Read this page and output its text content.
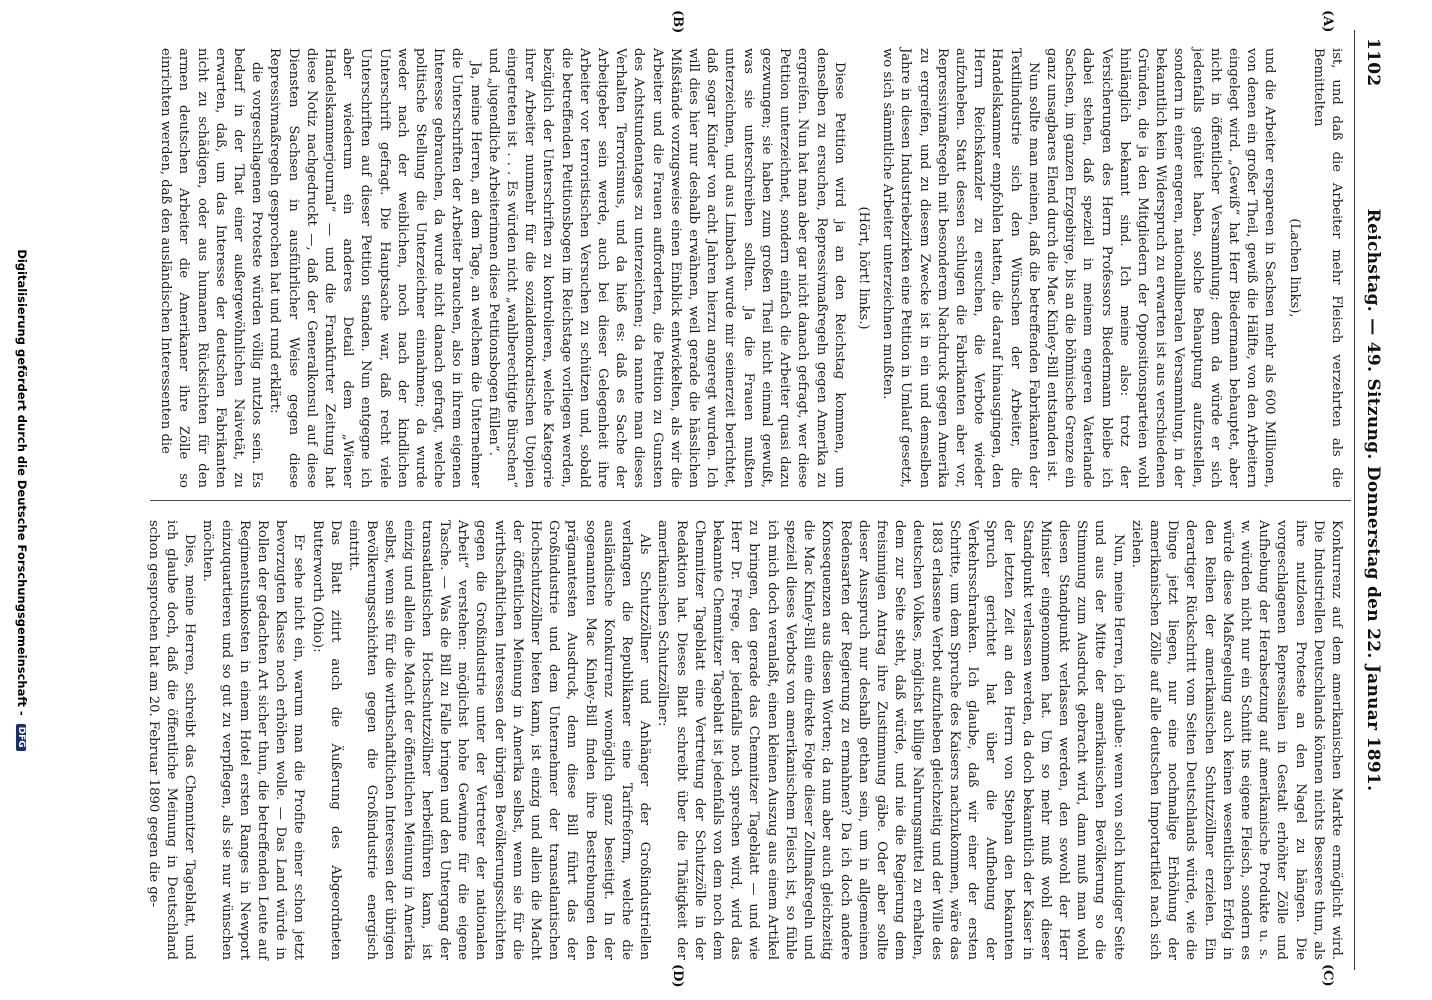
1102
Reichstag. — 49. Sitzung. Donnerstag den 22. Januar 1891.
(A)
(B)
(C)
(D)

ist, und daß die Arbeiter mehr Fleisch verzehrten als die Bemittelten

(Lachen links),

und die Arbeiter erspareen in Sachsen mehr als 600 Millionen, von denen ein großer Theil, gewiß die Hälfte, von den Arbeitern eingelegt wird. „Gewiß“ hat Herr Biedermann behauptet, aber nicht in öffentlicher Versammlung; denn da würde er sich jedenfalls gehütet haben, solche Behauptung aufzustellen, sondern in einer engeren, nationalliberalen Versammlung, in der bekanntlich kein Widerspruch zu erwarten ist aus verschiedenen Gründen, die ja den Mitgliedern der Oppositionsparteien wohl hinlänglich bekannt sind. Ich meine also: trotz der Versicherungen des Herrn Professors Biedermann bleibe ich dabei stehen, daß speziell in meinem engeren Vaterlande Sachsen, im ganzen Erzgebirge, bis an die böhmische Grenze ein ganz unsagbares Elend durch die Mac Kinley-Bill entstanden ist.

Nun sollte man meinen, daß die betreffenden Fabrikanten der Textilindustrie sich den Wünschen der Arbeiter, die Handelskammer empfohlen hatten, die darauf hinausgingen, den Herrn Reichskanzler zu ersuchen, die Verbote wieder aufzuheben. Statt dessen schlugen die Fabrikanten aber vor, Repressivmaßregeln mit besonderem Nachdruck gegen Amerika zu ergreifen, und zu diesem Zwecke ist in ein und demselben Jahre in diesen Industriebezirken eine Petition in Umlauf gesetzt, wo sich sämmtliche Arbeiter unterzeichnen mußten.

(Hört, hört! links.)

Diese Petition wird ja an den Reichstag kommen, um denselben zu ersuchen, Repressivmaßregeln gegen Amerika zu ergreifen. Nun hat man aber gar nicht danach gefragt, wer diese Petition unterzeichnet, sondern einfach die Arbeiter quasi dazu gezwungen; sie haben zum großen Theil nicht einmal gewußt, was sie unterschreiben sollten. Ja die Frauen mußten unterzeichnen, und aus Limbach wurde mir seinerzeit berichtet, daß sogar Kinder von acht Jahren hierzu angeregt wurden. Ich will dies hier nur deshalb erwähnen, weil gerade die hässlichen Mißstände vorzugsweise einen Einblick entwickelten, als wir die Arbeiter und die Frauen aufforderten, die Petition zu Gunsten des Achtstundentages zu unterzeichnen; da nannte man dieses Verhalten Terrorismus, und da hieß es: daß es Sache der Arbeitgeber sein werde, auch bei dieser Gelegenheit ihre Arbeiter vor terroristischen Versuchen zu schützen und, sobald die betreffenden Petitionsbogen im Reichstage vorliegen werden, bezüglich der Unterschriften zu kontrolieren, welche Kategorie ihrer Arbeiter nunmehr für die sozialdemokratischen Utopien eingetreten ist . . . Es würden nicht „wahlberechtigte Bürschen“ und „jugendliche Arbeiterinnen diese Petitionsbogen füllen“.

Ja, meine Herren, an dem Tage, an welchem die Unternehmer die Unterschriften der Arbeiter brauchen, also in ihrem eigenen Interesse gebrauchen, da wurde nicht danach gefragt, welche politische Stellung die Unterzeichner einnahmen; da wurde weder nach der weiblichen, noch nach der kindlichen Unterschrift gefragt. Die Hauptsache war, daß recht viele Unterschriften auf dieser Petition standen. Nun entgegne ich aber wiederum ein anderes Detail dem „Wiener Handelskammerjournal“ — und die Frankfurter Zeitung hat diese Notiz nachgedruckt —, daß der Generalkonsul auf diese Diensten Sachsen in ausführlicher Weise gegen diese Repressivmaßregeln gesprochen hat und rund erklärt:

die vorgeschlagenen Proteste würden völlig nutzlos sein. Es bedarf in der That einer außergewöhnlichen Naivetät, zu erwarten, daß, um das Interesse der deutschen Fabrikanten nicht zu schädigen, oder aus humanen Rücksichten für den armen deutschen Arbeiter die Amerikaner ihre Zölle so einrichten werden, daß den ausländischen Interessenten die

Konkurrenz auf dem amerikanischen Markte ermöglicht wird. Die Industriellen Deutschlands können nichts Besseres thun, als ihre nutzlosen Proteste an den Nagel zu hängen. Die vorgeschlagenen Repressalien in Gestalt erhöhter Zölle und Aufhebung der Herabsetzung auf amerikanische Produkte u. s. w. würden nicht nur ein Schnitt ins eigene Fleisch, sondern es würde diese Maßregelung auch keinen wesentlichen Erfolg in den Reihen der amerikanischen Schutzzöllner erzielen. Ein derartiger Rückschritt vom Seiten Deutschlands würde, wie die Dinge jetzt liegen, nur eine nochmalige Erhöhung der amerikanischen Zölle auf alle deutschen Importartikel nach sich ziehen.

Nun, meine Herren, ich glaube: wenn von solch kundiger Seite und aus der Mitte der amerikanischen Bevölkerung so die Stimmung zum Ausdruck gebracht wird, dann muß man wohl diesen Standpunkt verlassen werden, den sowohl der Herr Minister eingenommen hat. Um so mehr muß wohl dieser Standpunkt verlassen werden, da doch bekanntlich der Kaiser in der letzten Zeit an den Herrn von Stephan den bekannten Spruch gerichtet hat über die Aufhebung der Verkehrsschranken. Ich glaube, daß wir einer der ersten Schritte, um dem Spruche des Kaisers nachzukommen, wäre das 1883 erlassene Verbot aufzuheben gleichzeitig und der Wille des deutschen Volkes, möglichst billige Nahrungsmittel zu erhalten, dem zur Seite steht, daß würde, und nie die Regierung dem freisinnigen Antrag ihre Zustimmung gäbe. Oder aber sollte dieser Ausspruch nur deshalb gethan sein, um in allgemeinen Redensarten der Regierung zu ermahnen? Da ich doch andere Konsequenzen aus diesen Worten; da nun aber auch gleichzeitig die Mac Kinley-Bill eine direkte Folge dieser Zollmaßregeln und speziell dieses Verbots von amerikanischem Fleisch ist, so fühle ich mich doch veranlaßt, einen kleinen Auszug aus einem Artikel zu bringen, den gerade das Chemnitzer Tageblatt — und wie Herr Dr. Frege, der jedenfalls noch sprechen wird, wird das bekannte Chemnitzer Tageblatt ist jedenfalls von dem noch dem Chemnitzer Tageblatt eine Vertretung der Schutzzölle in der Redaktion hat. Dieses Blatt schreibt über die Thätigkeit der amerikanischen Schutzzöllner:

Als Schutzzöllner und Anhänger der Großindustriellen verlangen die Republikaner eine Tarifreform, welche die ausländische Konkurrenz womöglich ganz beseitigt. In der sogenannten Mac Kinley-Bill finden ihre Bestrebungen den prägnantesten Ausdruck, denn diese Bill führt das der Großindustrie und dem Unternehmer der transatlantischen Hochschutzzöllner bieten kann, ist einzig und allein die Macht der öffentlichen Meinung in Amerika selbst, wenn sie für die wirthschaftlichen Interessen der übrigen Bevölkerungsschichten gegen die Großindustrie unter der Vertreter der nationalen Arbeit“ verstehen: möglichst hohe Gewinne für die eigene Tasche. — Was die Bill zu Falle bringen und den Untergang der transatlantischen Hochschutzzöllner herbeiführen kann, ist einzig und allein die Macht der öffentlichen Meinung in Amerika selbst, wenn sie für die wirthschaftlichen Interessen der übrigen Bevölkerungsschichten gegen die Großindustrie energisch eintritt.

Das Blatt zitirt auch die Äußerung des Abgeordneten Butterworth (Ohio):

Er sehe nicht ein, warum man die Profite einer schon jetzt bevorzugten Klasse noch erhöhen wolle. — Das Land würde in Rollen der gedachten Art sicher thun, die betreffenden Leute auf Regimentsunkosten in einem Hotel ersten Ranges in Newport einzuquartieren und so gut zu verpflegen, als sie nur wünschen möchten.

Dies, meine Herren, schreibt das Chemnitzer Tageblatt, und ich glaube doch, daß die öffentliche Meinung in Deutschland schon gesprochen hat am 20. Februar 1890 gegen die ge-

Digitalisierung gefördert durch die Deutsche Forschungsgemeinschaft - DFG
